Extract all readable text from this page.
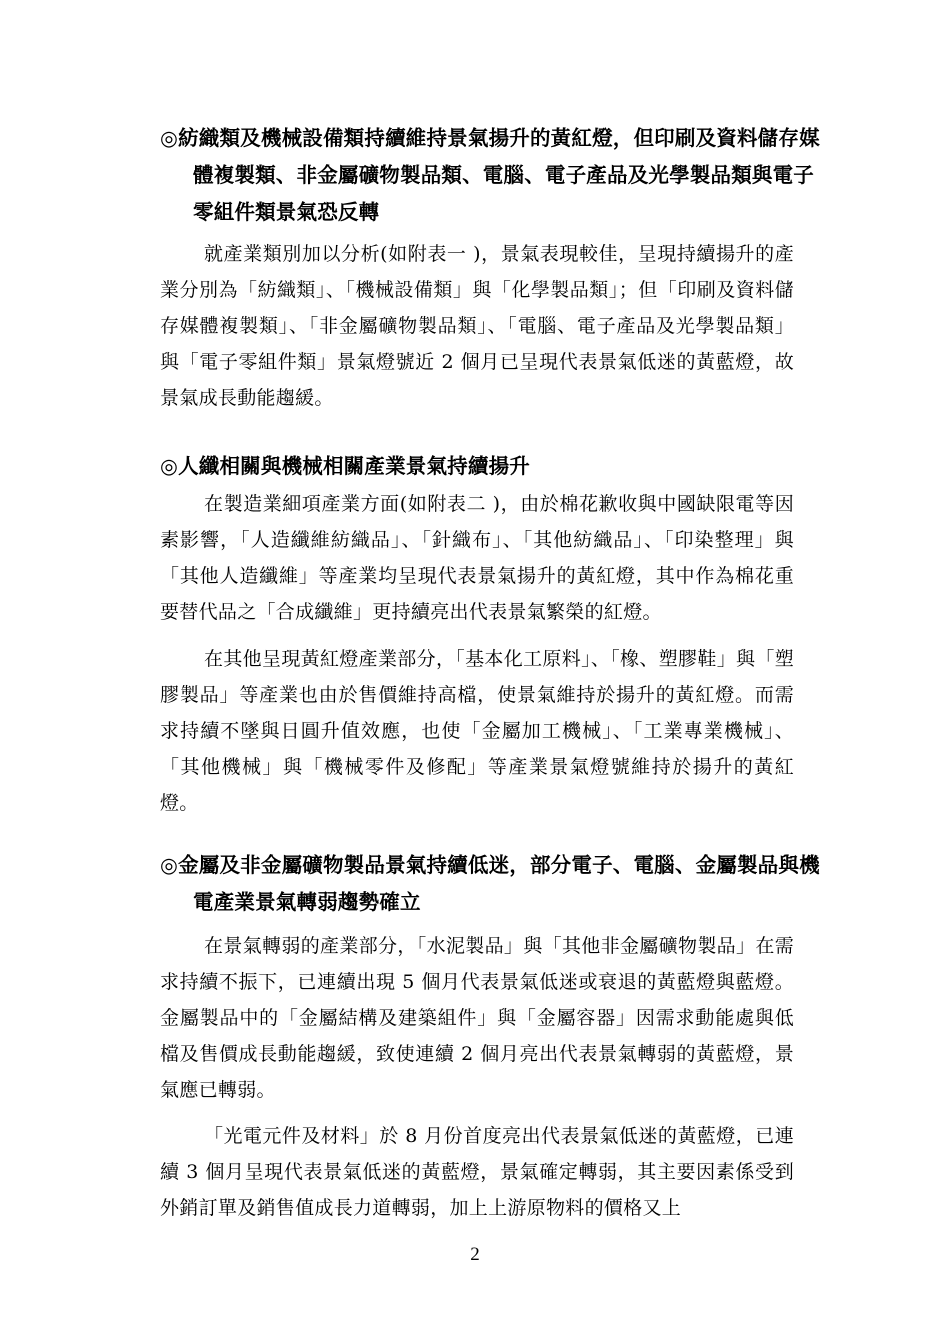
◎紡織類及機械設備類持續維持景氣揚升的黃紅燈，但印刷及資料儲存媒體複製類、非金屬礦物製品類、電腦、電子產品及光學製品類與電子零組件類景氣恐反轉
就產業類別加以分析(如附表一 )，景氣表現較佳，呈現持續揚升的產業分別為「紡織類」、「機械設備類」與「化學製品類」；但「印刷及資料儲存媒體複製類」、「非金屬礦物製品類」、「電腦、電子產品及光學製品類」與「電子零組件類」景氣燈號近 2 個月已呈現代表景氣低迷的黃藍燈，故景氣成長動能趨緩。
◎人纖相關與機械相關產業景氣持續揚升
在製造業細項產業方面(如附表二 )，由於棉花歉收與中國缺限電等因素影響，「人造纖維紡織品」、「針織布」、「其他紡織品」、「印染整理」與「其他人造纖維」等產業均呈現代表景氣揚升的黃紅燈，其中作為棉花重要替代品之「合成纖維」更持續亮出代表景氣繁榮的紅燈。
在其他呈現黃紅燈產業部分，「基本化工原料」、「橡、塑膠鞋」與「塑膠製品」等產業也由於售價維持高檔，使景氣維持於揚升的黃紅燈。而需求持續不墜與日圓升值效應，也使「金屬加工機械」、「工業專業機械」、「其他機械」與「機械零件及修配」等產業景氣燈號維持於揚升的黃紅燈。
◎金屬及非金屬礦物製品景氣持續低迷，部分電子、電腦、金屬製品與機電產業景氣轉弱趨勢確立
在景氣轉弱的產業部分，「水泥製品」與「其他非金屬礦物製品」在需求持續不振下，已連續出現 5 個月代表景氣低迷或衰退的黃藍燈與藍燈。金屬製品中的「金屬結構及建築組件」與「金屬容器」因需求動能處與低檔及售價成長動能趨緩，致使連續 2 個月亮出代表景氣轉弱的黃藍燈，景氣應已轉弱。
「光電元件及材料」於 8 月份首度亮出代表景氣低迷的黃藍燈，已連續 3 個月呈現代表景氣低迷的黃藍燈，景氣確定轉弱，其主要因素係受到外銷訂單及銷售值成長力道轉弱，加上上游原物料的價格又上
2
